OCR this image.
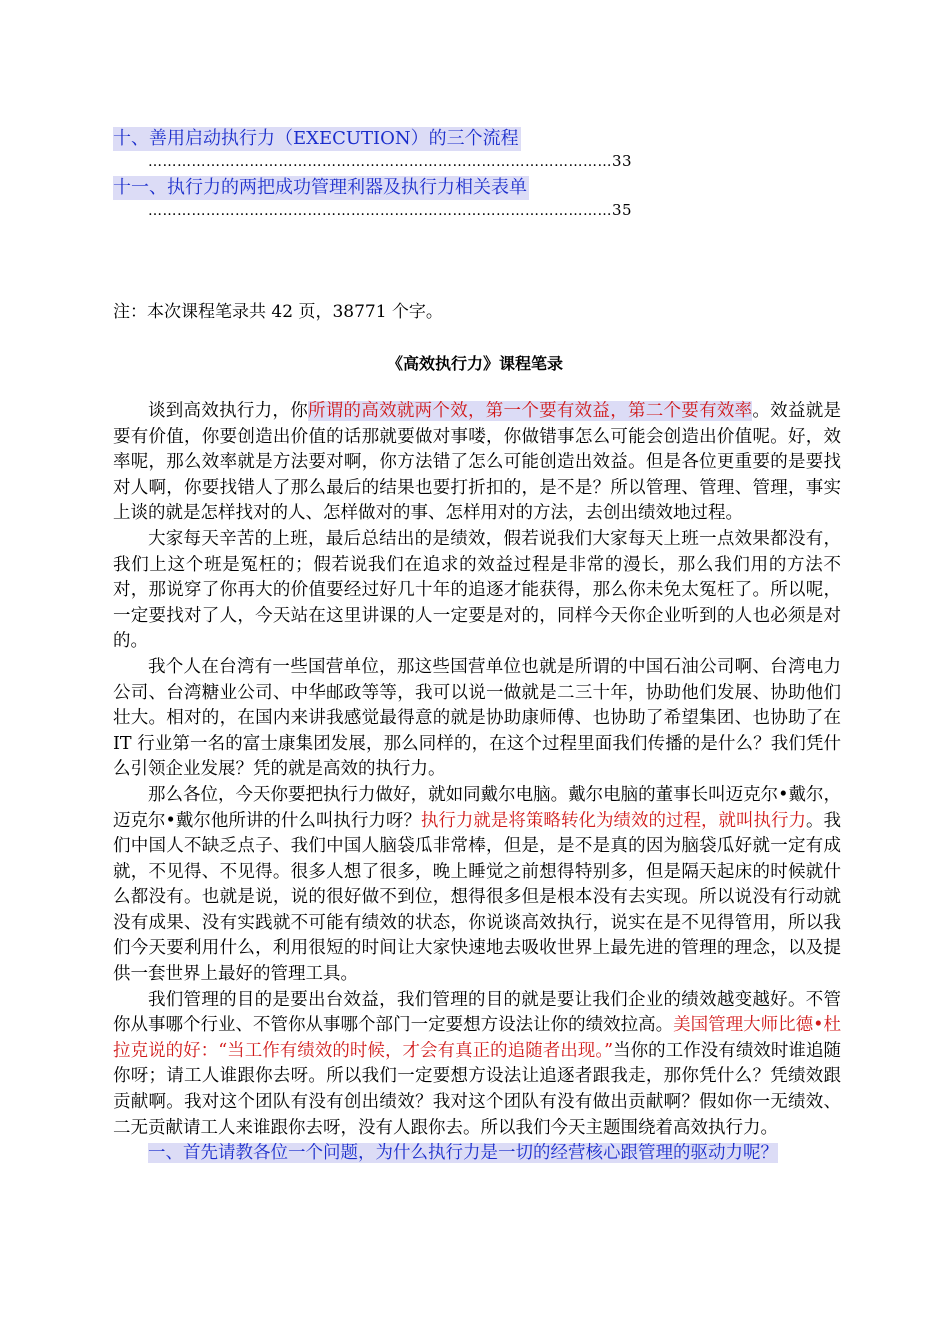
十、善用启动执行力（EXECUTION）的三个流程
……………………………………………………………………………………33
十一、执行力的两把成功管理利器及执行力相关表单
……………………………………………………………………………………35
注：本次课程笔录共 42 页，38771 个字。
《高效执行力》课程笔录

谈到高效执行力，你所谓的高效就两个效，第一个要有效益，第二个要有效率。效益就是要有价值，你要创造出价值的话那就要做对事喽，你做错事怎么可能会创造出价值呢。好，效率呢，那么效率就是方法要对啊，你方法错了怎么可能创造出效益。但是各位更重要的是要找对人啊，你要找错人了那么最后的结果也要打折扣的，是不是？所以管理、管理、管理，事实上谈的就是怎样找对的人、怎样做对的事、怎样用对的方法，去创出绩效地过程。

大家每天辛苦的上班，最后总结出的是绩效，假若说我们大家每天上班一点效果都没有，我们上这个班是冤枉的；假若说我们在追求的效益过程是非常的漫长，那么我们用的方法不对，那说穿了你再大的价值要经过好几十年的追逐才能获得，那么你未免太冤枉了。所以呢，一定要找对了人，今天站在这里讲课的人一定要是对的，同样今天你企业听到的人也必须是对的。

我个人在台湾有一些国营单位，那这些国营单位也就是所谓的中国石油公司啊、台湾电力公司、台湾糖业公司、中华邮政等等，我可以说一做就是二三十年，协助他们发展、协助他们壮大。相对的，在国内来讲我感觉最得意的就是协助康师傅、也协助了希望集团、也协助了在 IT 行业第一名的富士康集团发展，那么同样的，在这个过程里面我们传播的是什么？我们凭什么引领企业发展？凭的就是高效的执行力。

那么各位，今天你要把执行力做好，就如同戴尔电脑。戴尔电脑的董事长叫迈克尔•戴尔，迈克尔•戴尔他所讲的什么叫执行力呀？执行力就是将策略转化为绩效的过程，就叫执行力。我们中国人不缺乏点子、我们中国人脑袋瓜非常棒，但是，是不是真的因为脑袋瓜好就一定有成就，不见得、不见得。很多人想了很多，晚上睡觉之前想得特别多，但是隔天起床的时候就什么都没有。也就是说，说的很好做不到位，想得很多但是根本没有去实现。所以说没有行动就没有成果、没有实践就不可能有绩效的状态，你说谈高效执行，说实在是不见得管用，所以我们今天要利用什么，利用很短的时间让大家快速地去吸收世界上最先进的管理的理念，以及提供一套世界上最好的管理工具。

我们管理的目的是要出台效益，我们管理的目的就是要让我们企业的绩效越变越好。不管你从事哪个行业、不管你从事哪个部门一定要想方设法让你的绩效拉高。美国管理大师比德•杜拉克说的好：“当工作有绩效的时候，才会有真正的追随者出现。”当你的工作没有绩效时谁追随你呀；请工人谁跟你去呀。所以我们一定要想方设法让追逐者跟我走，那你凭什么？凭绩效跟贡献啊。我对这个团队有没有创出绩效？我对这个团队有没有做出贡献啊？假如你一无绩效、二无贡献请工人来谁跟你去呀，没有人跟你去。所以我们今天主题围绕着高效执行力。

一、首先请教各位一个问题，为什么执行力是一切的经营核心跟管理的驱动力呢？
